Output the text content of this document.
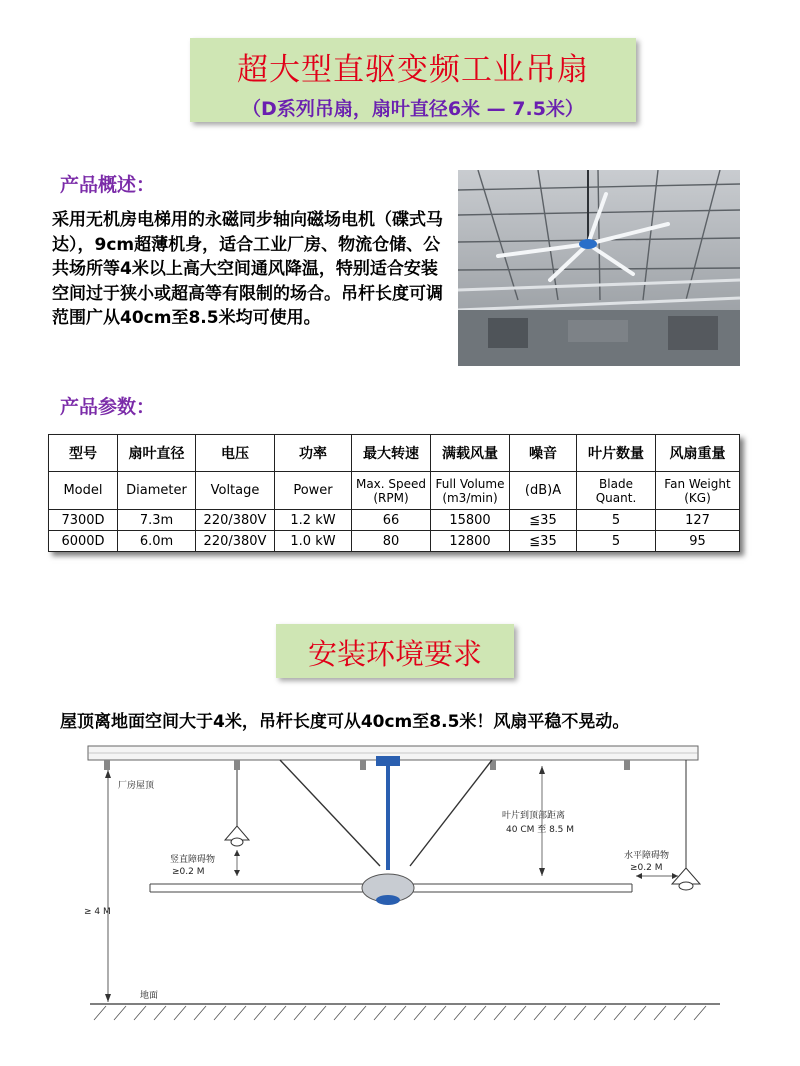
超大型直驱变频工业吊扇
（D系列吊扇，扇叶直径6米 — 7.5米）
产品概述：
采用无机房电梯用的永磁同步轴向磁场电机（碟式马达），9cm超薄机身，适合工业厂房、物流仓储、公共场所等4米以上高大空间通风降温，特别适合安装空间过于狭小或超高等有限制的场合。吊杆长度可调范围广从40cm至8.5米均可使用。
产品参数：
型号	扇叶直径	电压	功率	最大转速	满载风量	噪音	叶片数量	风扇重量
Model	Diameter	Voltage	Power	Max. Speed (RPM)	Full Volume (m3/min)	(dB)A	Blade Quant.	Fan Weight (KG)
7300D	7.3m	220/380V	1.2 kW	66	15800	≦35	5	127
6000D	6.0m	220/380V	1.0 kW	80	12800	≦35	5	95
安装环境要求
屋顶离地面空间大于4米，吊杆长度可从40cm至8.5米！风扇平稳不晃动。
厂房屋顶
≥ 4 M
竖直障碍物
≥0.2 M
叶片到顶部距离
40 CM 至 8.5 M
水平障碍物
≥0.2 M
地面
